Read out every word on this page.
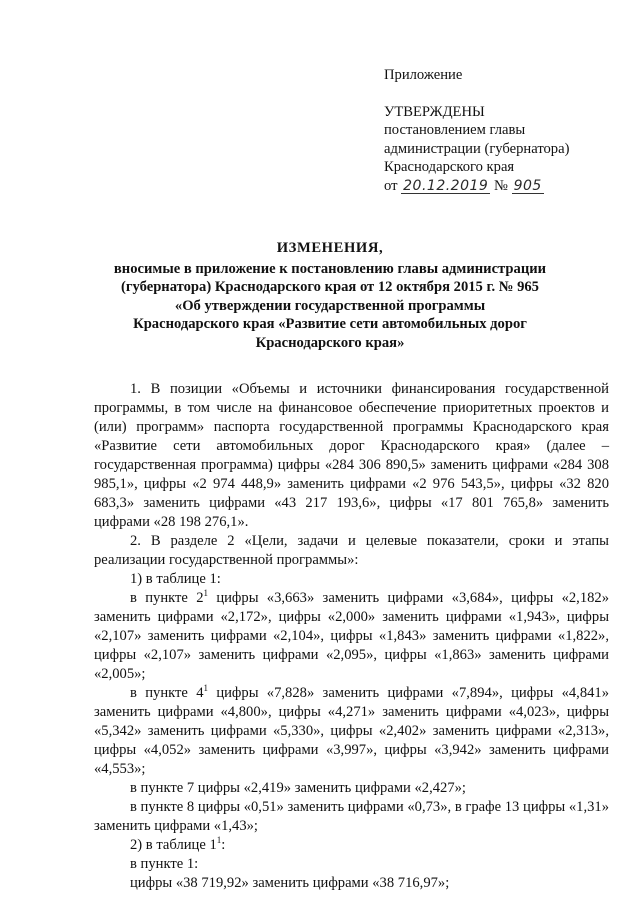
Приложение
УТВЕРЖДЕНЫ
постановлением главы
администрации (губернатора)
Краснодарского края
от 20.12.2019 № 905
ИЗМЕНЕНИЯ,
вносимые в приложение к постановлению главы администрации
(губернатора) Краснодарского края от 12 октября 2015 г. № 965
«Об утверждении государственной программы
Краснодарского края «Развитие сети автомобильных дорог
Краснодарского края»

1. В позиции «Объемы и источники финансирования государственной программы, в том числе на финансовое обеспечение приоритетных проектов и (или) программ» паспорта государственной программы Краснодарского края «Развитие сети автомобильных дорог Краснодарского края» (далее – государственная программа) цифры «284 306 890,5» заменить цифрами «284 308 985,1», цифры «2 974 448,9» заменить цифрами «2 976 543,5», цифры «32 820 683,3» заменить цифрами «43 217 193,6», цифры «17 801 765,8» заменить цифрами «28 198 276,1».

2. В разделе 2 «Цели, задачи и целевые показатели, сроки и этапы реализации государственной программы»:

1) в таблице 1:

в пункте $2^1$ цифры «3,663» заменить цифрами «3,684», цифры «2,182» заменить цифрами «2,172», цифры «2,000» заменить цифрами «1,943», цифры «2,107» заменить цифрами «2,104», цифры «1,843» заменить цифрами «1,822», цифры «2,107» заменить цифрами «2,095», цифры «1,863» заменить цифрами «2,005»;

в пункте $4^1$ цифры «7,828» заменить цифрами «7,894», цифры «4,841» заменить цифрами «4,800», цифры «4,271» заменить цифрами «4,023», цифры «5,342» заменить цифрами «5,330», цифры «2,402» заменить цифрами «2,313», цифры «4,052» заменить цифрами «3,997», цифры «3,942» заменить цифрами «4,553»;

в пункте 7 цифры «2,419» заменить цифрами «2,427»;

в пункте 8 цифры «0,51» заменить цифрами «0,73», в графе 13 цифры «1,31» заменить цифрами «1,43»;

2) в таблице $1^1$:

в пункте 1:

цифры «38 719,92» заменить цифрами «38 716,97»;
